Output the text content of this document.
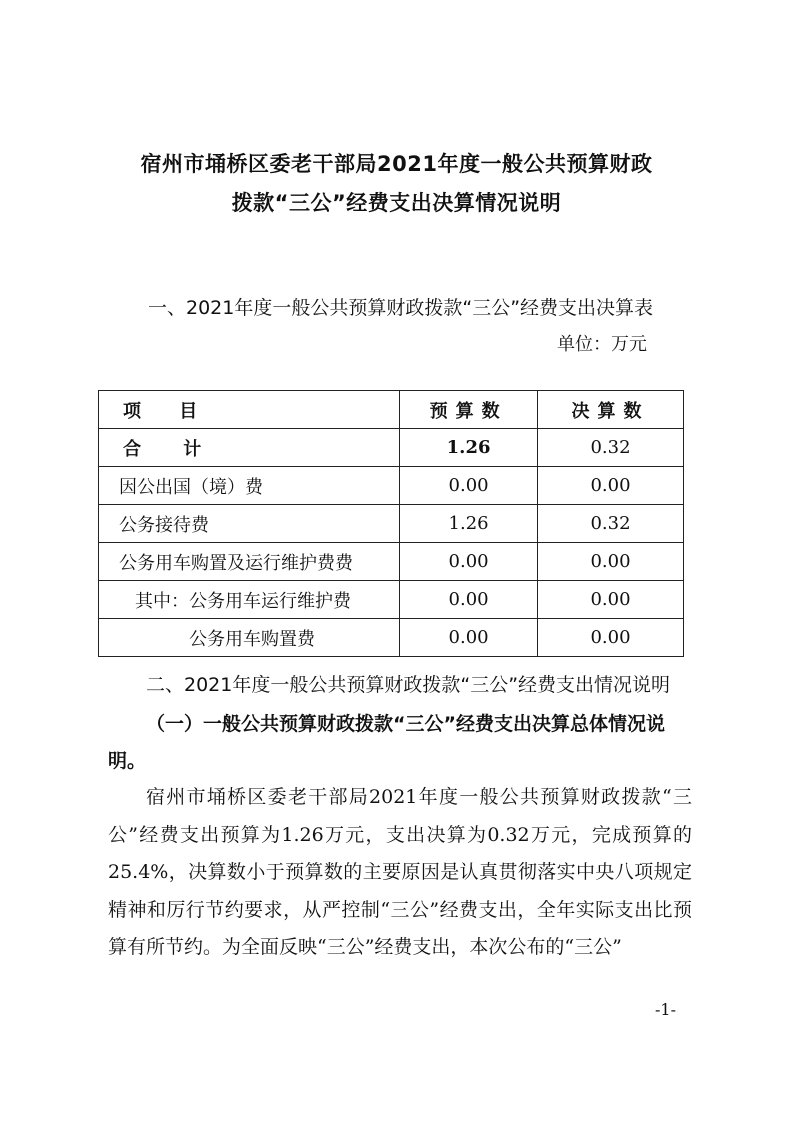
宿州市埇桥区委老干部局2021年度一般公共预算财政
拨款“三公”经费支出决算情况说明
一、2021年度一般公共预算财政拨款“三公”经费支出决算表
单位：万元
项 目	预算数	决算数
合 计	1.26	0.32
因公出国（境）费	0.00	0.00
公务接待费	1.26	0.32
公务用车购置及运行维护费费	0.00	0.00
其中：公务用车运行维护费	0.00	0.00
公务用车购置费	0.00	0.00
二、2021年度一般公共预算财政拨款“三公”经费支出情况说明
（一）一般公共预算财政拨款“三公”经费支出决算总体情况说明。
宿州市埇桥区委老干部局2021年度一般公共预算财政拨款“三公”经费支出预算为1.26万元，支出决算为0.32万元，完成预算的25.4%，决算数小于预算数的主要原因是认真贯彻落实中央八项规定精神和厉行节约要求，从严控制“三公”经费支出，全年实际支出比预算有所节约。为全面反映“三公”经费支出，本次公布的“三公”
-1-
